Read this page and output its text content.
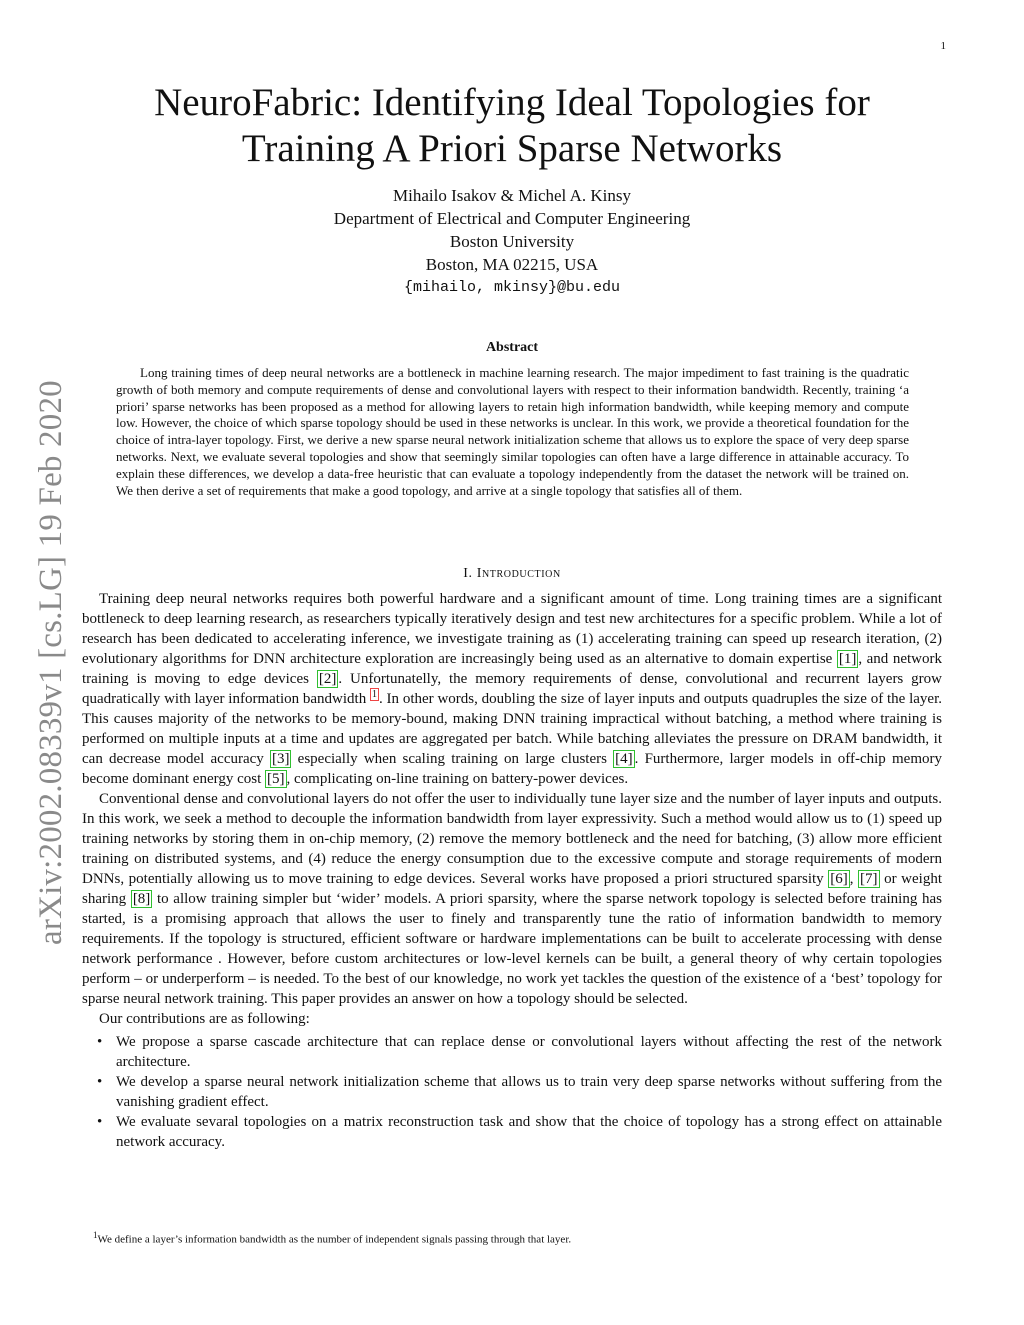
1
arXiv:2002.08339v1 [cs.LG] 19 Feb 2020
NeuroFabric: Identifying Ideal Topologies for
Training A Priori Sparse Networks
Mihailo Isakov & Michel A. Kinsy
Department of Electrical and Computer Engineering
Boston University
Boston, MA 02215, USA
{mihailo, mkinsy}@bu.edu
Abstract

Long training times of deep neural networks are a bottleneck in machine learning research. The major impediment to fast training is the quadratic growth of both memory and compute requirements of dense and convolutional layers with respect to their information bandwidth. Recently, training ‘a priori’ sparse networks has been proposed as a method for allowing layers to retain high information bandwidth, while keeping memory and compute low. However, the choice of which sparse topology should be used in these networks is unclear. In this work, we provide a theoretical foundation for the choice of intra-layer topology. First, we derive a new sparse neural network initialization scheme that allows us to explore the space of very deep sparse networks. Next, we evaluate several topologies and show that seemingly similar topologies can often have a large difference in attainable accuracy. To explain these differences, we develop a data-free heuristic that can evaluate a topology independently from the dataset the network will be trained on. We then derive a set of requirements that make a good topology, and arrive at a single topology that satisfies all of them.

I. Introduction

Training deep neural networks requires both powerful hardware and a significant amount of time. Long training times are a significant bottleneck to deep learning research, as researchers typically iteratively design and test new architectures for a specific problem. While a lot of research has been dedicated to accelerating inference, we investigate training as (1) accelerating training can speed up research iteration, (2) evolutionary algorithms for DNN architecture exploration are increasingly being used as an alternative to domain expertise [1] , and network training is moving to edge devices [2] . Unfortunatelly, the memory requirements of dense, convolutional and recurrent layers grow quadratically with layer information bandwidth $^1$ . In other words, doubling the size of layer inputs and outputs quadruples the size of the layer. This causes majority of the networks to be memory-bound, making DNN training impractical without batching, a method where training is performed on multiple inputs at a time and updates are aggregated per batch. While batching alleviates the pressure on DRAM bandwidth, it can decrease model accuracy [3] especially when scaling training on large clusters [4] . Furthermore, larger models in off-chip memory become dominant energy cost [5] , complicating on-line training on battery-power devices.

Conventional dense and convolutional layers do not offer the user to individually tune layer size and the number of layer inputs and outputs. In this work, we seek a method to decouple the information bandwidth from layer expressivity. Such a method would allow us to (1) speed up training networks by storing them in on-chip memory, (2) remove the memory bottleneck and the need for batching, (3) allow more efficient training on distributed systems, and (4) reduce the energy consumption due to the excessive compute and storage requirements of modern DNNs, potentially allowing us to move training to edge devices. Several works have proposed a priori structured sparsity [6] , [7] or weight sharing [8] to allow training simpler but ‘wider’ models. A priori sparsity, where the sparse network topology is selected before training has started, is a promising approach that allows the user to finely and transparently tune the ratio of information bandwidth to memory requirements. If the topology is structured, efficient software or hardware implementations can be built to accelerate processing with dense network performance . However, before custom architectures or low-level kernels can be built, a general theory of why certain topologies perform – or underperform – is needed. To the best of our knowledge, no work yet tackles the question of the existence of a ‘best’ topology for sparse neural network training. This paper provides an answer on how a topology should be selected.

Our contributions are as following:

• We propose a sparse cascade architecture that can replace dense or convolutional layers without affecting the rest of the network architecture.
• We develop a sparse neural network initialization scheme that allows us to train very deep sparse networks without suffering from the vanishing gradient effect.
• We evaluate sevaral topologies on a matrix reconstruction task and show that the choice of topology has a strong effect on attainable network accuracy.
$^1$We define a layer’s information bandwidth as the number of independent signals passing through that layer.
